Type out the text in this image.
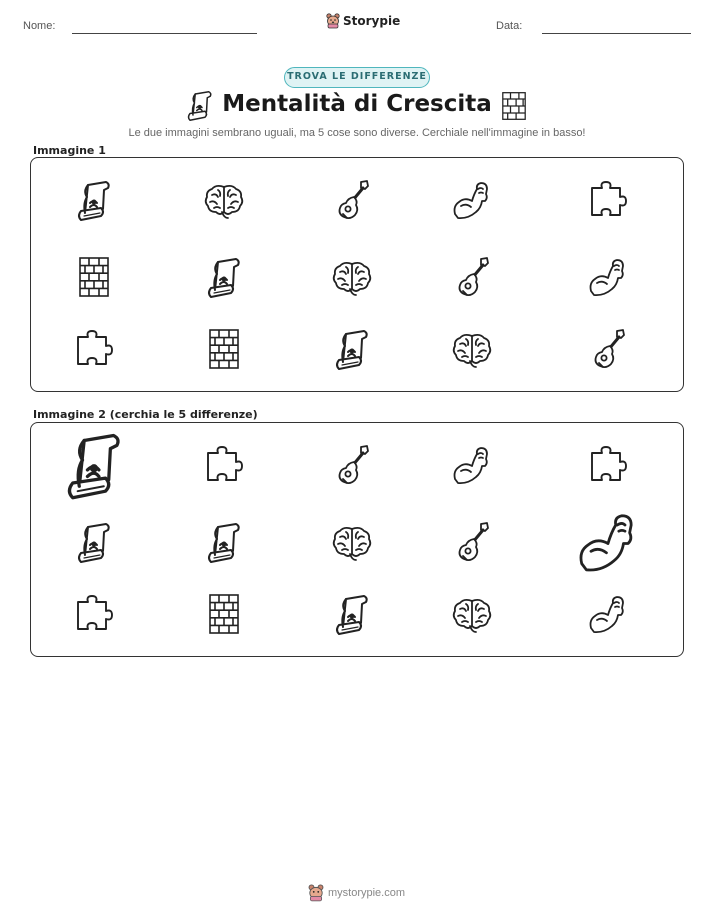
Nome:	Storypie	Data:
TROVA LE DIFFERENZE
Mentalità di Crescita
Le due immagini sembrano uguali, ma 5 cose sono diverse. Cerchiale nell'immagine in basso!
Immagine 1
Immagine 2 (cerchia le 5 differenze)
mystorypie.com
